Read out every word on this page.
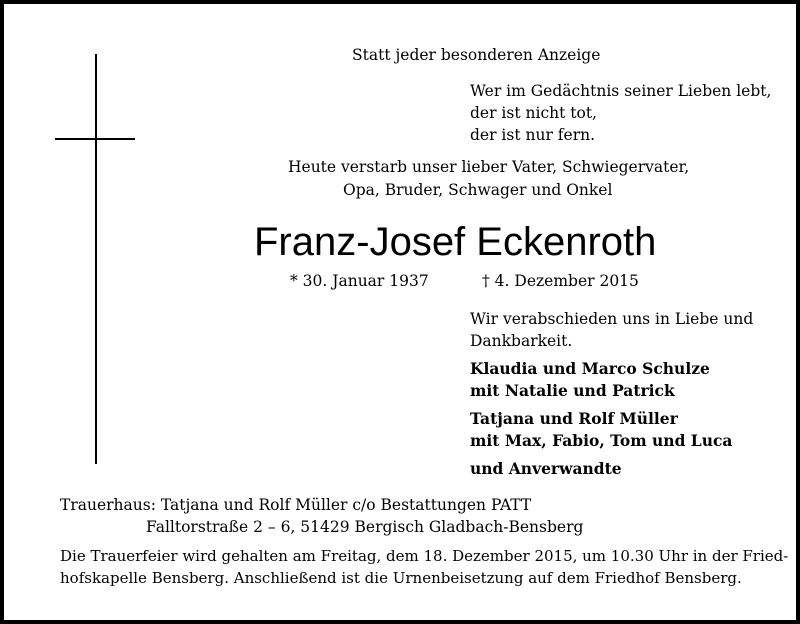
Statt jeder besonderen Anzeige
Wer im Gedächtnis seiner Lieben lebt,
der ist nicht tot,
der ist nur fern.
Heute verstarb unser lieber Vater, Schwiegervater,
Opa, Bruder, Schwager und Onkel
Franz-Josef Eckenroth
* 30. Januar 1937	† 4. Dezember 2015
Wir verabschieden uns in Liebe und
Dankbarkeit.
Klaudia und Marco Schulze
mit Natalie und Patrick
Tatjana und Rolf Müller
mit Max, Fabio, Tom und Luca
und Anverwandte
Trauerhaus: Tatjana und Rolf Müller c/o Bestattungen PATT
Falltorstraße 2 – 6, 51429 Bergisch Gladbach-Bensberg
Die Trauerfeier wird gehalten am Freitag, dem 18. Dezember 2015, um 10.30 Uhr in der Fried-
hofskapelle Bensberg. Anschließend ist die Urnenbeisetzung auf dem Friedhof Bensberg.
